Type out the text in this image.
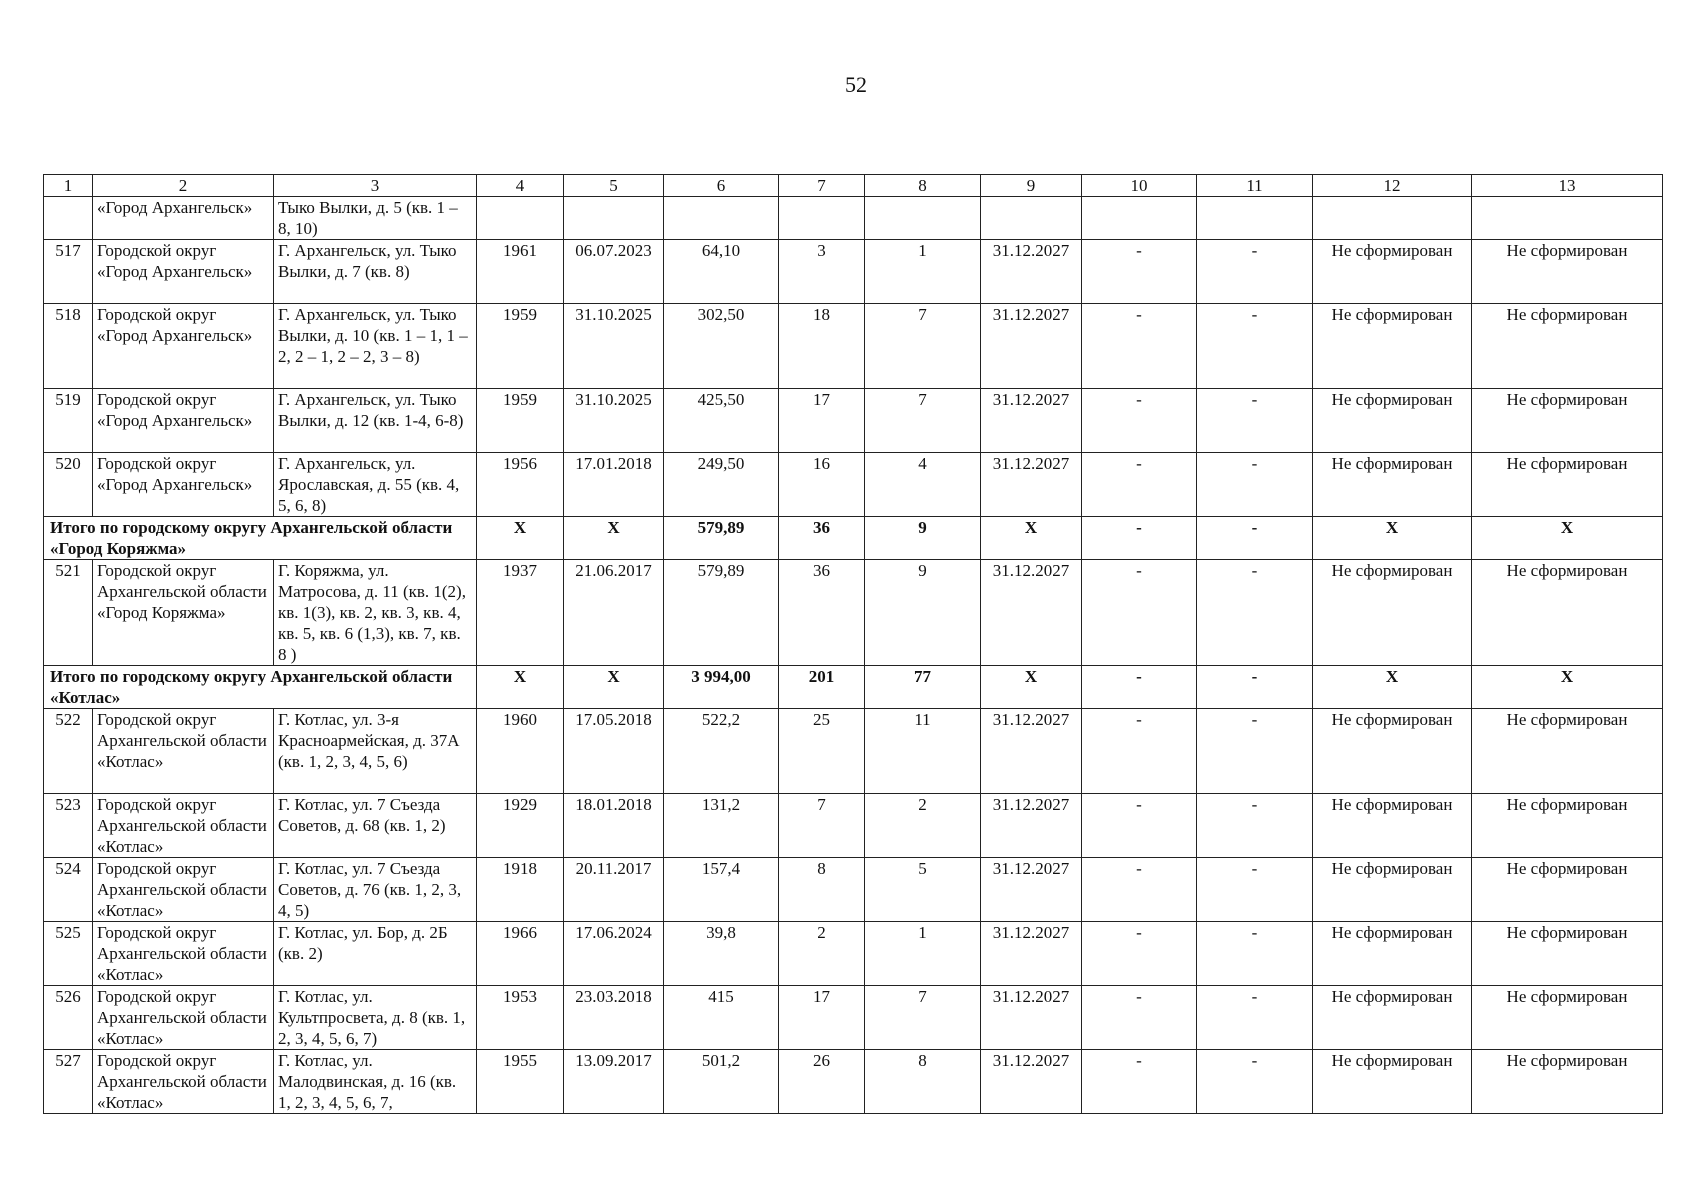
52
1	2	3	4	5	6	7	8	9	10	11	12	13
	«Город Архангельск»	Тыко Вылки, д. 5 (кв. 1 – 8, 10)										
517	Городской округ «Город Архангельск»	Г. Архангельск, ул. Тыко Вылки, д. 7 (кв. 8)	1961	06.07.2023	64,10	3	1	31.12.2027	-	-	Не сформирован	Не сформирован
518	Городской округ «Город Архангельск»	Г. Архангельск, ул. Тыко Вылки, д. 10 (кв. 1 – 1, 1 – 2, 2 – 1, 2 – 2, 3 – 8)	1959	31.10.2025	302,50	18	7	31.12.2027	-	-	Не сформирован	Не сформирован
519	Городской округ «Город Архангельск»	Г. Архангельск, ул. Тыко Вылки, д. 12 (кв. 1-4, 6-8)	1959	31.10.2025	425,50	17	7	31.12.2027	-	-	Не сформирован	Не сформирован
520	Городской округ «Город Архангельск»	Г. Архангельск, ул. Ярославская, д. 55 (кв. 4, 5, 6, 8)	1956	17.01.2018	249,50	16	4	31.12.2027	-	-	Не сформирован	Не сформирован
Итого по городскому округу Архангельской области «Город Коряжма»			X	X	579,89	36	9	X	-	-	X	X
521	Городской округ Архангельской области «Город Коряжма»	Г. Коряжма, ул. Матросова, д. 11 (кв. 1(2), кв. 1(3), кв. 2, кв. 3, кв. 4, кв. 5, кв. 6 (1,3), кв. 7, кв. 8 )	1937	21.06.2017	579,89	36	9	31.12.2027	-	-	Не сформирован	Не сформирован
Итого по городскому округу Архангельской области «Котлас»			X	X	3 994,00	201	77	X	-	-	X	X
522	Городской округ Архангельской области «Котлас»	Г. Котлас, ул. 3-я Красноармейская, д. 37А (кв. 1, 2, 3, 4, 5, 6)	1960	17.05.2018	522,2	25	11	31.12.2027	-	-	Не сформирован	Не сформирован
523	Городской округ Архангельской области «Котлас»	Г. Котлас, ул. 7 Съезда Советов, д. 68 (кв. 1, 2)	1929	18.01.2018	131,2	7	2	31.12.2027	-	-	Не сформирован	Не сформирован
524	Городской округ Архангельской области «Котлас»	Г. Котлас, ул. 7 Съезда Советов, д. 76 (кв. 1, 2, 3, 4, 5)	1918	20.11.2017	157,4	8	5	31.12.2027	-	-	Не сформирован	Не сформирован
525	Городской округ Архангельской области «Котлас»	Г. Котлас, ул. Бор, д. 2Б (кв. 2)	1966	17.06.2024	39,8	2	1	31.12.2027	-	-	Не сформирован	Не сформирован
526	Городской округ Архангельской области «Котлас»	Г. Котлас, ул. Культпросвета, д. 8 (кв. 1, 2, 3, 4, 5, 6, 7)	1953	23.03.2018	415	17	7	31.12.2027	-	-	Не сформирован	Не сформирован
527	Городской округ Архангельской области «Котлас»	Г. Котлас, ул. Малодвинская, д. 16 (кв. 1, 2, 3, 4, 5, 6, 7,	1955	13.09.2017	501,2	26	8	31.12.2027	-	-	Не сформирован	Не сформирован
